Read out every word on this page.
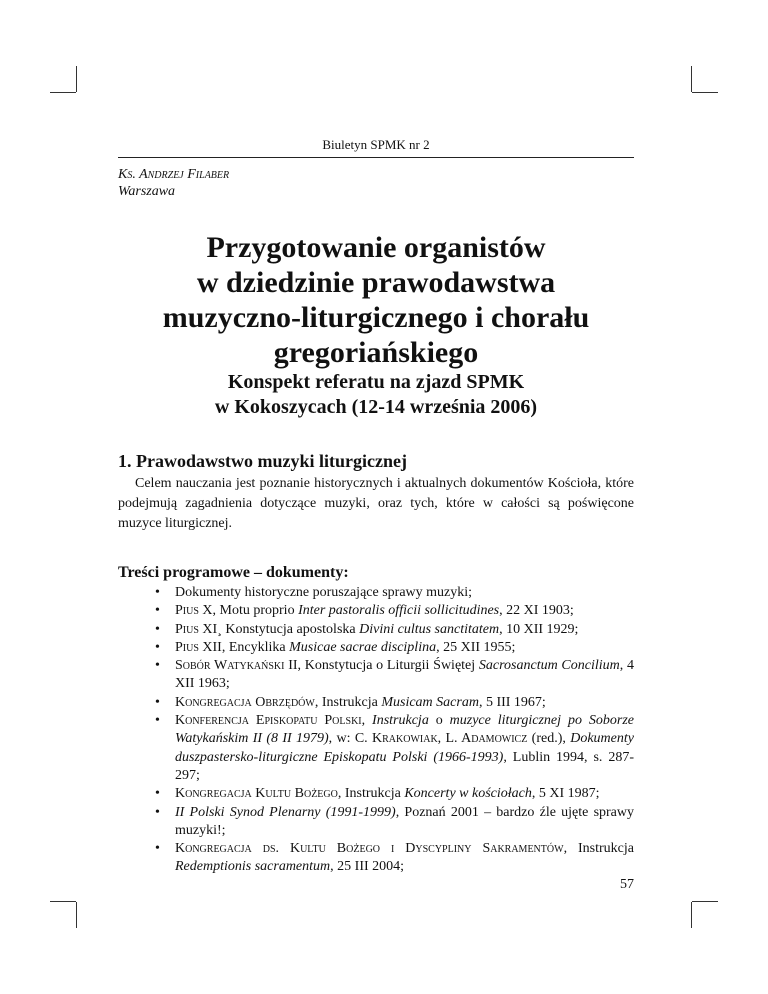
Biuletyn SPMK nr 2
Ks. Andrzej Filaber
Warszawa
Przygotowanie organistów
w dziedzinie prawodawstwa
muzyczno-liturgicznego i chorału
gregoriańskiego
Konspekt referatu na zjazd SPMK
w Kokoszycach (12-14 września 2006)
1. Prawodawstwo muzyki liturgicznej

Celem nauczania jest poznanie historycznych i aktualnych dokumentów Kościoła, które podejmują zagadnienia dotyczące muzyki, oraz tych, które w całości są poświęcone muzyce liturgicznej.

Treści programowe – dokumenty:
• Dokumenty historyczne poruszające sprawy muzyki;
• Pius X, Motu proprio Inter pastoralis officii sollicitudines, 22 XI 1903;
• Pius XI¸ Konstytucja apostolska Divini cultus sanctitatem, 10 XII 1929;
• Pius XII, Encyklika Musicae sacrae disciplina, 25 XII 1955;
• Sobór Watykański II, Konstytucja o Liturgii Świętej Sacrosanctum Concilium, 4 XII 1963;
• Kongregacja Obrzędów, Instrukcja Musicam Sacram, 5 III 1967;
• Konferencja Episkopatu Polski, Instrukcja o muzyce liturgicznej po Soborze Watykańskim II (8 II 1979), w: C. Krakowiak, L. Adamowicz (red.), Dokumenty duszpastersko-liturgiczne Episkopatu Polski (1966-1993), Lublin 1994, s. 287-297;
• Kongregacja Kultu Bożego, Instrukcja Koncerty w kościołach, 5 XI 1987;
• II Polski Synod Plenarny (1991-1999), Poznań 2001 – bardzo źle ujęte sprawy muzyki!;
• Kongregacja ds. Kultu Bożego i Dyscypliny Sakramentów, Instrukcja Redemptionis sacramentum, 25 III 2004;
57
